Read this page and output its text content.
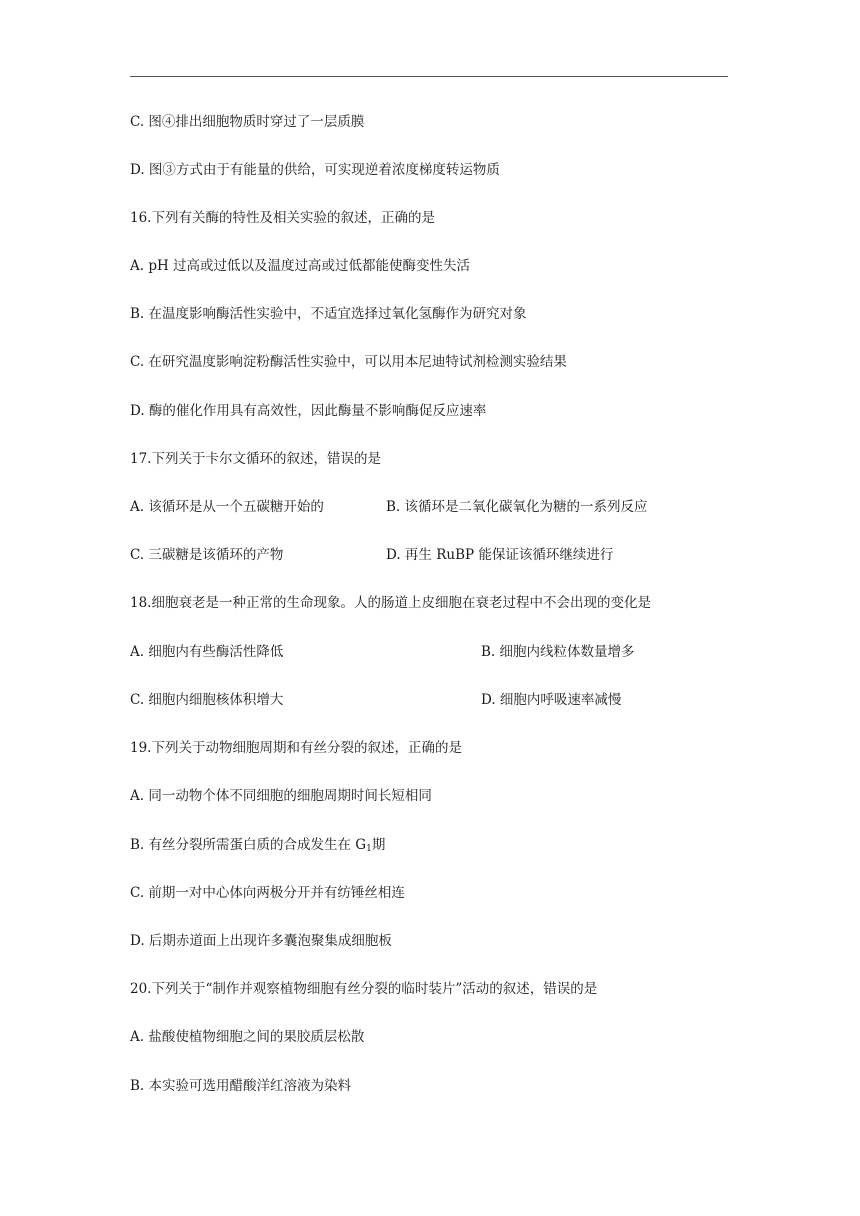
C. 图④排出细胞物质时穿过了一层质膜
D. 图③方式由于有能量的供给，可实现逆着浓度梯度转运物质
16.下列有关酶的特性及相关实验的叙述，正确的是
A. pH 过高或过低以及温度过高或过低都能使酶变性失活
B. 在温度影响酶活性实验中，不适宜选择过氧化氢酶作为研究对象
C. 在研究温度影响淀粉酶活性实验中，可以用本尼迪特试剂检测实验结果
D. 酶的催化作用具有高效性，因此酶量不影响酶促反应速率
17.下列关于卡尔文循环的叙述，错误的是
A. 该循环是从一个五碳糖开始的	B. 该循环是二氧化碳氧化为糖的一系列反应
C. 三碳糖是该循环的产物	D. 再生 RuBP 能保证该循环继续进行
18.细胞衰老是一种正常的生命现象。人的肠道上皮细胞在衰老过程中不会出现的变化是
A. 细胞内有些酶活性降低	B. 细胞内线粒体数量增多
C. 细胞内细胞核体积增大	D. 细胞内呼吸速率减慢
19.下列关于动物细胞周期和有丝分裂的叙述，正确的是
A. 同一动物个体不同细胞的细胞周期时间长短相同
B. 有丝分裂所需蛋白质的合成发生在 $G_1$期
C. 前期一对中心体向两极分开并有纺锤丝相连
D. 后期赤道面上出现许多囊泡聚集成细胞板
20.下列关于“制作并观察植物细胞有丝分裂的临时装片”活动的叙述，错误的是
A. 盐酸使植物细胞之间的果胶质层松散
B. 本实验可选用醋酸洋红溶液为染料
